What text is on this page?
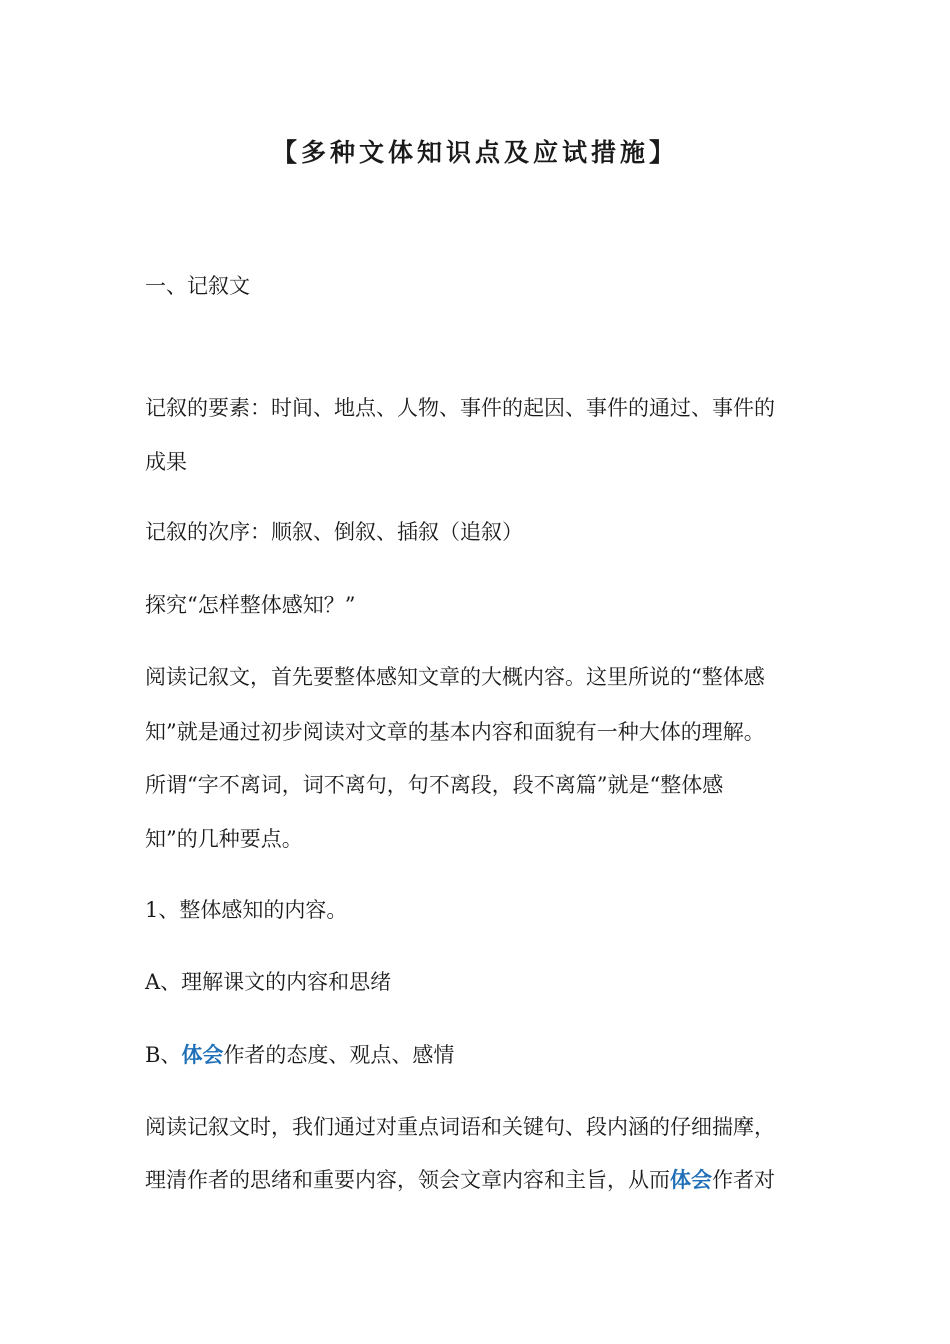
【多种文体知识点及应试措施】
一、记叙文
记叙的要素：时间、地点、人物、事件的起因、事件的通过、事件的
成果
记叙的次序：顺叙、倒叙、插叙（追叙）
探究“怎样整体感知？”
阅读记叙文，首先要整体感知文章的大概内容。这里所说的“整体感
知”就是通过初步阅读对文章的基本内容和面貌有一种大体的理解。
所谓“字不离词，词不离句，句不离段，段不离篇”就是“整体感
知”的几种要点。
1、整体感知的内容。
A、理解课文的内容和思绪
B、体会作者的态度、观点、感情
阅读记叙文时，我们通过对重点词语和关键句、段内涵的仔细揣摩，
理清作者的思绪和重要内容，领会文章内容和主旨，从而体会作者对
